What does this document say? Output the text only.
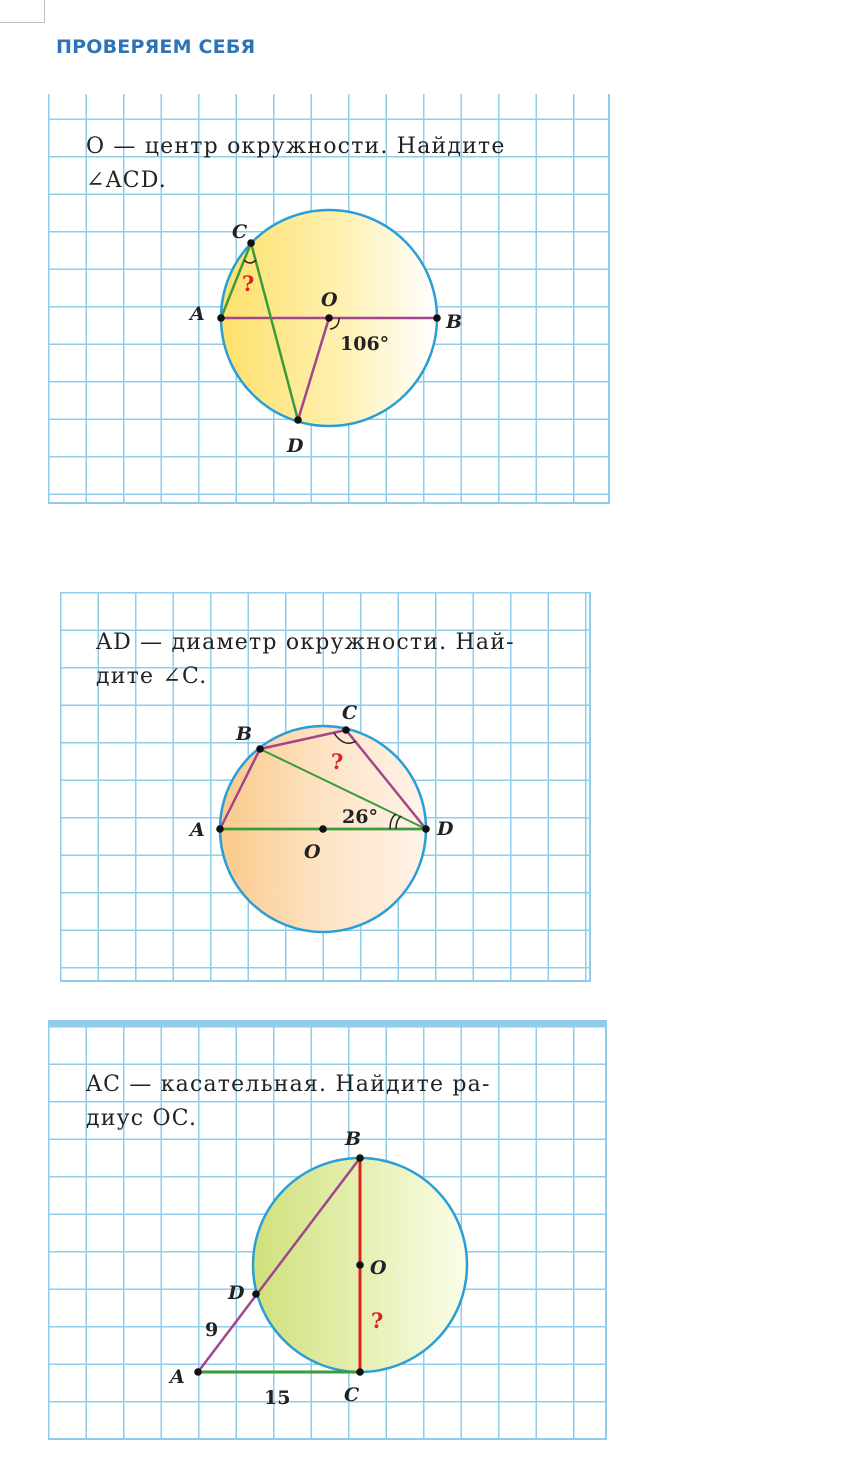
ПРОВЕРЯЕМ СЕБЯ
O — центр окружности. Найдите
∠ACD.
C
A
O
B
D
106°
?
AD — диаметр окружности. Най-
дите ∠C.
B
C
A
O
D
26°
?
AC — касательная. Найдите ра-
диус OC.
B
O
D
A
C
9
15
?
